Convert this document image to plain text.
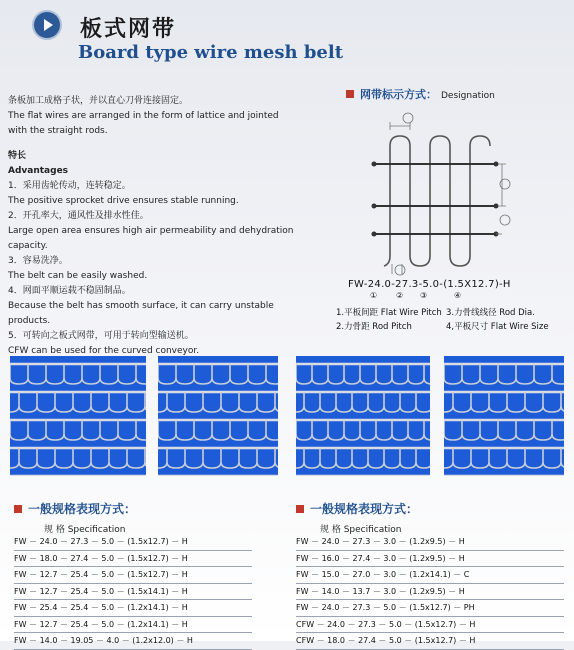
板式网带
Board type wire mesh belt
条板加工成格子状，并以直心刀骨连接固定。
The flat wires are arranged in the form of lattice and jointed with the straight rods.
特长
Advantages
1．采用齿轮传动，连转稳定。
The positive sprocket drive ensures stable running.
2．开孔率大，通风性及排水性佳。
Large open area ensures high air permeability and dehydration capacity.
3．容易洗净。
The belt can be easily washed.
4．网面平顺运载不稳固制品。
Because the belt has smooth surface, it can carry unstable products.
5．可转向之板式网带，可用于转向型输送机。
CFW can be used for the curved conveyor.
网带标示方式： Designation
FW-24.0-27.3-5.0-(1.5X12.7)-H
① ② ③	④
1.平板间距 Flat Wire Pitch 3.力骨线线径 Rod Dia.
2.力骨距 Rod Pitch	4,平板尺寸 Flat Wire Size
一般规格表现方式：
规 格 Specification
FW － 24.0 － 27.3 － 5.0 － (1.5x12.7) － H
FW － 18.0 － 27.4 － 5.0 － (1.5x12.7) － H
FW － 12.7 － 25.4 － 5.0 － (1.5x12.7) － H
FW － 12.7 － 25.4 － 5.0 － (1.5x14.1) － H
FW － 25.4 － 25.4 － 5.0 － (1.2x14.1) － H
FW － 12.7 － 25.4 － 5.0 － (1.2x14.1) － H
FW － 14.0 － 19.05 － 4.0 － (1.2x12.0) － H
一般规格表现方式：
规 格 Specification
FW － 24.0 － 27.3 － 3.0 － (1.2x9.5) － H
FW － 16.0 － 27.4 － 3.0 － (1.2x9.5) － H
FW － 15.0 － 27.0 － 3.0 － (1.2x14.1) － C
FW － 14.0 － 13.7 － 3.0 － (1.2x9.5) － H
FW － 24.0 － 27.3 － 5.0 － (1.5x12.7) － PH
CFW － 24.0 － 27.3 － 5.0 － (1.5x12.7) － H
CFW － 18.0 － 27.4 － 5.0 － (1.5x12.7) － H
